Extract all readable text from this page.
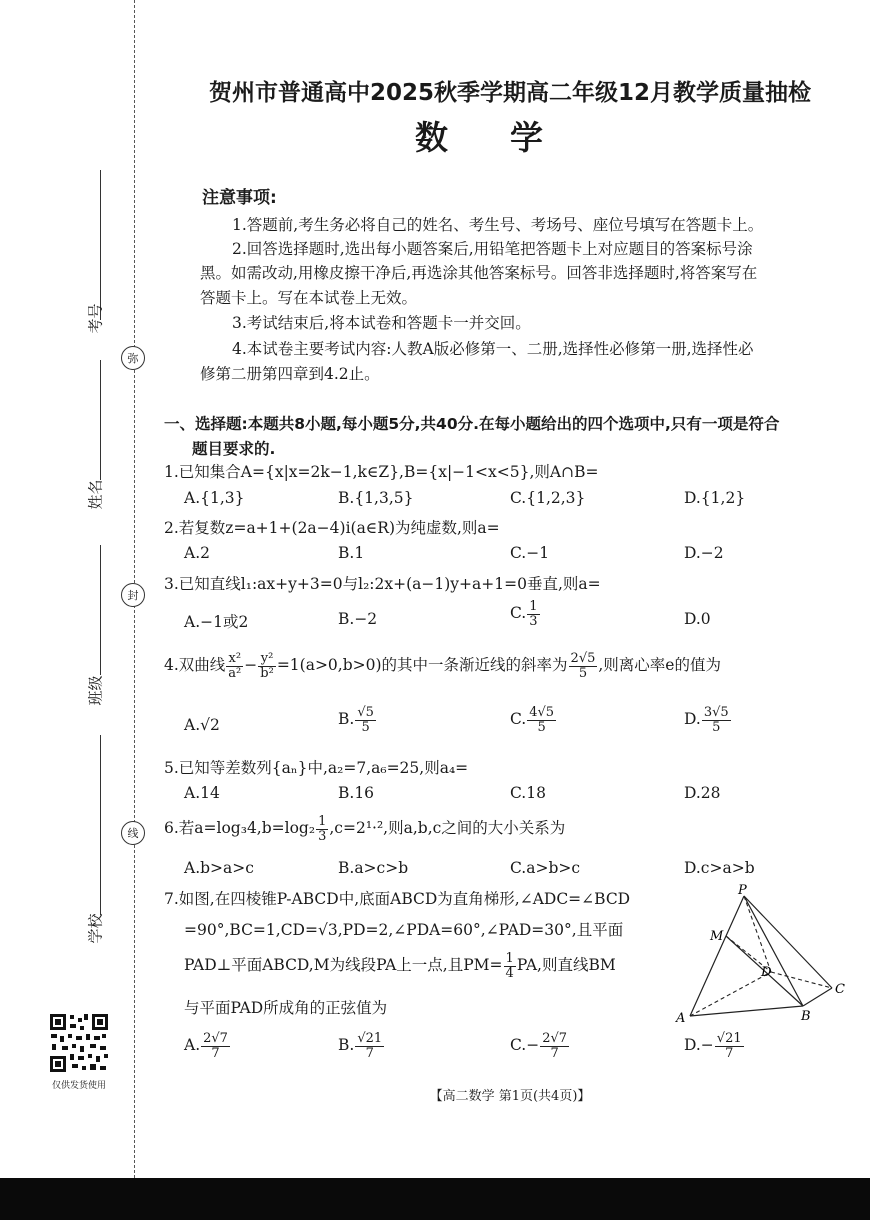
考号
姓名
班级
学校
弥
封
线
仅供发货使用
贺州市普通高中2025秋季学期高二年级12月教学质量抽检
数学
注意事项:
1.答题前,考生务必将自己的姓名、考生号、考场号、座位号填写在答题卡上。
2.回答选择题时,选出每小题答案后,用铅笔把答题卡上对应题目的答案标号涂
黑。如需改动,用橡皮擦干净后,再选涂其他答案标号。回答非选择题时,将答案写在
答题卡上。写在本试卷上无效。
3.考试结束后,将本试卷和答题卡一并交回。
4.本试卷主要考试内容:人教A版必修第一、二册,选择性必修第一册,选择性必
修第二册第四章到4.2止。
一、选择题:本题共8小题,每小题5分,共40分.在每小题给出的四个选项中,只有一项是符合
题目要求的.
1.已知集合A={x|x=2k−1,k∈Z},B={x|−1<x<5},则A∩B=
A.{1,3}	B.{1,3,5}	C.{1,2,3}	D.{1,2}
2.若复数z=a+1+(2a−4)i(a∈R)为纯虚数,则a=
A.2	B.1	C.−1	D.−2
3.已知直线l₁:ax+y+3=0与l₂:2x+(a−1)y+a+1=0垂直,则a=
A.−1或2	B.−2	C. $\frac{1}{3}$	D.0
4.双曲线 $\frac{\text{x²}}{\text{a²}} - \frac{\text{y²}}{\text{b²}} =1(a>0,b>0)$的其中一条渐近线的斜率为 $\frac{2√5}{5}$ ,则离心率e的值为
A.√2	B. $\frac{√5}{5}$	C. $\frac{4√5}{5}$	D. $\frac{3√5}{5}$
5.已知等差数列{aₙ}中,a₂=7,a₆=25,则a₄=
A.14	B.16	C.18	D.28
6.若$a=\log_34,b=\log_2 \frac{1}{3} ,c=2^1\cdot^2$,则a,b,c之间的大小关系为
A.b>a>c	B.a>c>b	C.a>b>c	D.c>a>b
7.如图,在四棱锥P-ABCD中,底面ABCD为直角梯形,∠ADC=∠BCD
=90°,BC=1,CD=√3,PD=2,∠PDA=60°,∠PAD=30°,且平面
PAD⊥平面ABCD,M为线段PA上一点,且$PM= \frac{1}{4}$ PA,则直线BM
与平面PAD所成角的正弦值为
A. $\frac{2√7}{7}$	B. $\frac{√21}{7}$	$C.- \frac{2√7}{7}$	$D.- \frac{√21}{7}$
P
M
D
C
A	B
【高二数学 第1页(共4页)】
